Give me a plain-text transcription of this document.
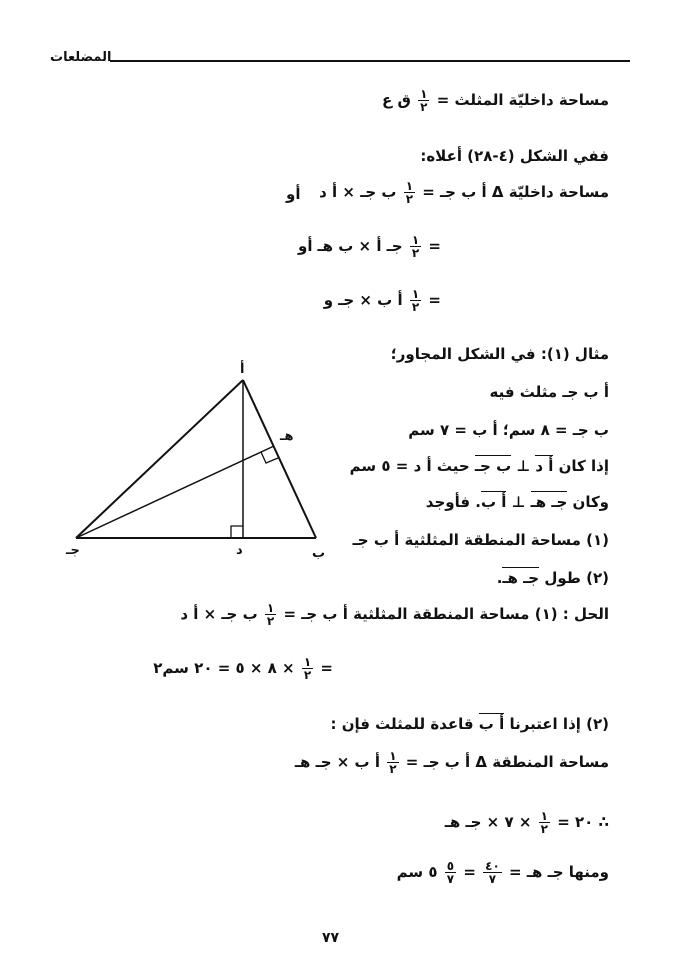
المضلعات
مساحة داخليّة المثلث =
$\frac{١}{٢}$
ق ع
ففي الشكل (٤-٢٨) أعلاه:
مساحة داخليّة Δ أ ب جـ =
$\frac{١}{٢}$
ب جـ × أ د
أو
=
$\frac{١}{٢}$
جـ أ × ب هـ
أو
=
$\frac{١}{٢}$
أ ب × جـ و
مثال (١): في الشكل المجاور؛
أ ب جـ مثلث فيه
ب جـ = ٨ سم؛ أ ب = ٧ سم
إذا كان أ د ⊥ ب جـ حيث أ د = ٥ سم
وكان جـ هـ ⊥ أ ب. فأوجد
(١) مساحة المنطقة المثلثية أ ب جـ
(٢) طول جـ هـ.
أ
ب
جـ	د
هـ
الحل : (١) مساحة المنطقة المثلثية أ ب جـ =
$\frac{١}{٢}$
ب جـ × أ د
=
$\frac{١}{٢}$
× ٨ × ٥ = ٢٠ سم٢
(٢) إذا اعتبرنا أ ب قاعدة للمثلث فإن :
مساحة المنطقة Δ أ ب جـ =
$\frac{١}{٢}$
أ ب × جـ هـ
∴ ٢٠ =
$\frac{١}{٢}$
× ٧ × جـ هـ
ومنها جـ هـ =
$\frac{٤٠}{٧}$
=
$\frac{٥}{٧}$
٥ سم
٧٧
